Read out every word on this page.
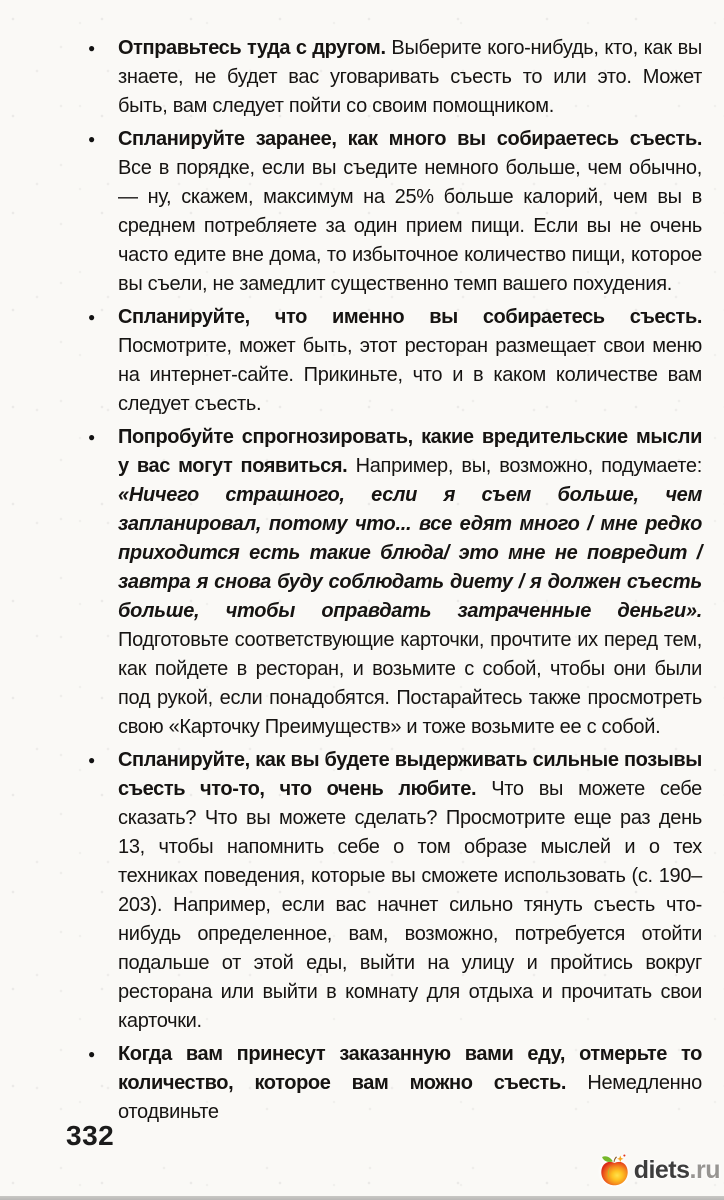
●	Отправьтесь туда с другом. Выберите кого-нибудь, кто, как вы знаете, не будет вас уговаривать съесть то или это. Может быть, вам следует пойти со своим помощником.

●	Спланируйте заранее, как много вы собираетесь съесть. Все в порядке, если вы съедите немного больше, чем обычно, — ну, скажем, максимум на 25% больше калорий, чем вы в среднем потребляете за один прием пищи. Если вы не очень часто едите вне дома, то избыточное количество пищи, которое вы съели, не замедлит существенно темп вашего похудения.

●	Спланируйте, что именно вы собираетесь съесть. Посмотрите, может быть, этот ресторан размещает свои меню на интернет-сайте. Прикиньте, что и в каком количестве вам следует съесть.

●	Попробуйте спрогнозировать, какие вредительские мысли у вас могут появиться. Например, вы, возможно, подумаете: «Ничего страшного, если я съем больше, чем запланировал, потому что... все едят много / мне редко приходится есть такие блюда/ это мне не повредит / завтра я снова буду соблюдать диету / я должен съесть больше, чтобы оправдать затраченные деньги». Подготовьте соответствующие карточки, прочтите их перед тем, как пойдете в ресторан, и возьмите с собой, чтобы они были под рукой, если понадобятся. Постарайтесь также просмотреть свою «Карточку Преимуществ» и тоже возьмите ее с собой.

●	Спланируйте, как вы будете выдерживать сильные позывы съесть что-то, что очень любите. Что вы можете себе сказать? Что вы можете сделать? Просмотрите еще раз день 13, чтобы напомнить себе о том образе мыслей и о тех техниках поведения, которые вы сможете использовать (с. 190–203). Например, если вас начнет сильно тянуть съесть что-нибудь определенное, вам, возможно, потребуется отойти подальше от этой еды, выйти на улицу и пройтись вокруг ресторана или выйти в комнату для отдыха и прочитать свои карточки.

●	Когда вам принесут заказанную вами еду, отмерьте то количество, которое вам можно съесть. Немедленно отодвиньте

332
diets.ru
